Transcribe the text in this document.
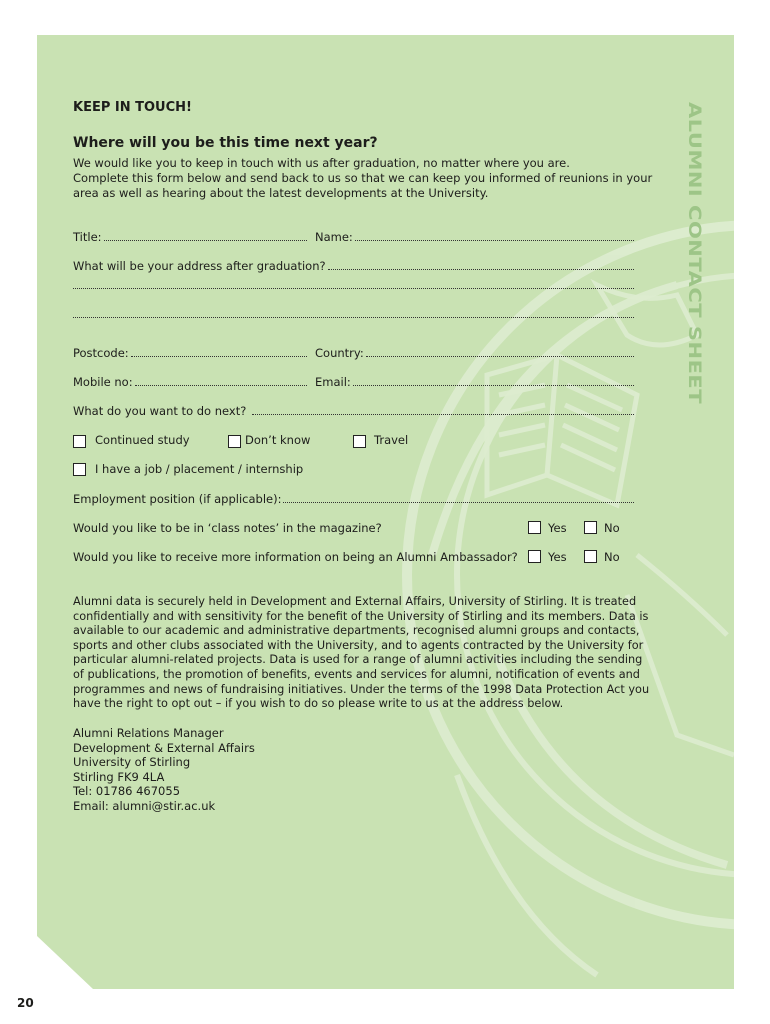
ALUMNI CONTACT SHEET
KEEP IN TOUCH!
Where will you be this time next year?
We would like you to keep in touch with us after graduation, no matter where you are.
Complete this form below and send back to us so that we can keep you informed of reunions in your
area as well as hearing about the latest developments at the University.
Title:	Name:
What will be your address after graduation?
Postcode:	Country:
Mobile no:	Email:
What do you want to do next?
Continued study	Don’t know	Travel
I have a job / placement / internship
Employment position (if applicable):
Would you like to be in ‘class notes’ in the magazine?	Yes	No
Would you like to receive more information on being an Alumni Ambassador?	Yes	No
Alumni data is securely held in Development and External Affairs, University of Stirling. It is treated
confidentially and with sensitivity for the benefit of the University of Stirling and its members. Data is
available to our academic and administrative departments, recognised alumni groups and contacts,
sports and other clubs associated with the University, and to agents contracted by the University for
particular alumni-related projects. Data is used for a range of alumni activities including the sending
of publications, the promotion of benefits, events and services for alumni, notification of events and
programmes and news of fundraising initiatives. Under the terms of the 1998 Data Protection Act you
have the right to opt out – if you wish to do so please write to us at the address below.
Alumni Relations Manager
Development & External Affairs
University of Stirling
Stirling FK9 4LA
Tel: 01786 467055
Email: alumni@stir.ac.uk
20
